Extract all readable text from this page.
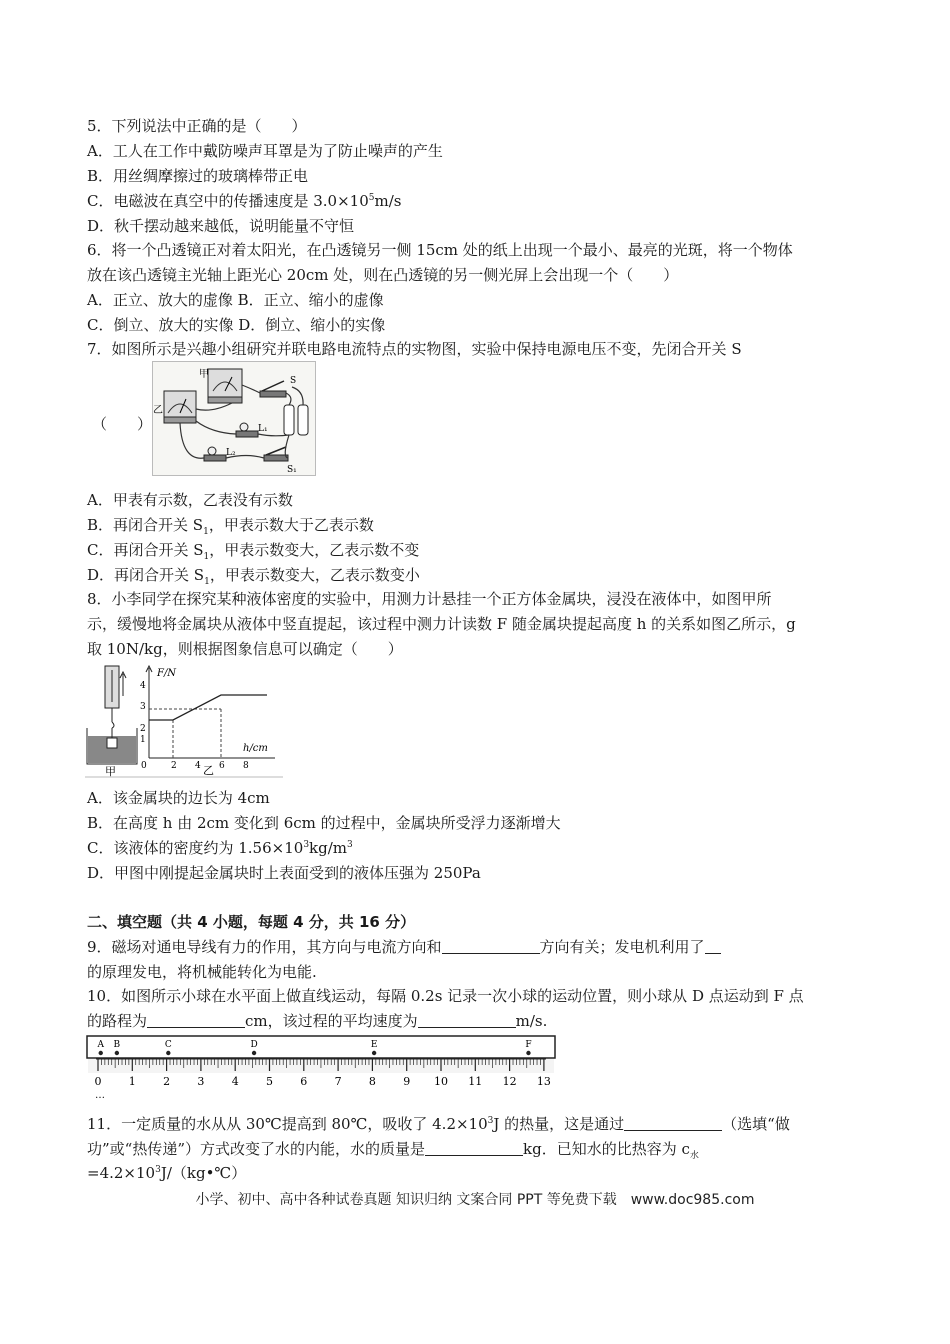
5．下列说法中正确的是（　　）
A．工人在工作中戴防噪声耳罩是为了防止噪声的产生
B．用丝绸摩擦过的玻璃棒带正电
C．电磁波在真空中的传播速度是 $3.0\times 10^5m/s$
D．秋千摆动越来越低，说明能量不守恒
6．将一个凸透镜正对着太阳光，在凸透镜另一侧 15cm 处的纸上出现一个最小、最亮的光斑，将一个物体
放在该凸透镜主光轴上距光心 20cm 处，则在凸透镜的另一侧光屏上会出现一个（　　）
A．正立、放大的虚像 B．正立、缩小的虚像
C．倒立、放大的实像 D．倒立、缩小的实像
7．如图所示是兴趣小组研究并联电路电流特点的实物图，实验中保持电源电压不变，先闭合开关 S
（　　）
甲
乙
S
L₁
L₂
S₁
A．甲表有示数，乙表没有示数
B．再闭合开关 $S_1$，甲表示数大于乙表示数
C．再闭合开关 $S_1$，甲表示数变大，乙表示数不变
D．再闭合开关 $S_1$，甲表示数变大，乙表示数变小
8．小李同学在探究某种液体密度的实验中，用测力计悬挂一个正方体金属块，浸没在液体中，如图甲所
示，缓慢地将金属块从液体中竖直提起，该过程中测力计读数 F 随金属块提起高度 h 的关系如图乙所示，g
取 10N/kg，则根据图象信息可以确定（　　）
甲
F/N
h/cm
0
1
2
3
4
2 4 6 8
乙
A．该金属块的边长为 4cm
B．在高度 h 由 2cm 变化到 6cm 的过程中，金属块所受浮力逐渐增大
C．该液体的密度约为 $1.56\times 10^3kg/m^3$
D．甲图中刚提起金属块时上表面受到的液体压强为 250Pa
二、填空题（共 4 小题，每题 4 分，共 16 分）
9．磁场对通电导线有力的作用，其方向与电流方向和	方向有关；发电机利用了
的原理发电，将机械能转化为电能.
10．如图所示小球在水平面上做直线运动，每隔 0.2s 记录一次小球的运动位置，则小球从 D 点运动到 F 点
的路程为	cm，该过程的平均速度为	m/s.
0 1 2 3 4 5 6 7 8 9 10 11 12 13
A B	C	D	E	F
…
11．一定质量的水从从 30℃提高到 80℃，吸收了 $4.2\times 10^3J$ 的热量，这是通过	（选填“做
功”或“热传递”）方式改变了水的内能，水的质量是	kg．已知水的比热容为 $c_水$
$=4.2\times 10^3J/(kg•℃)$
小学、初中、高中各种试卷真题 知识归纳 文案合同 PPT 等免费下载　www.doc985.com
